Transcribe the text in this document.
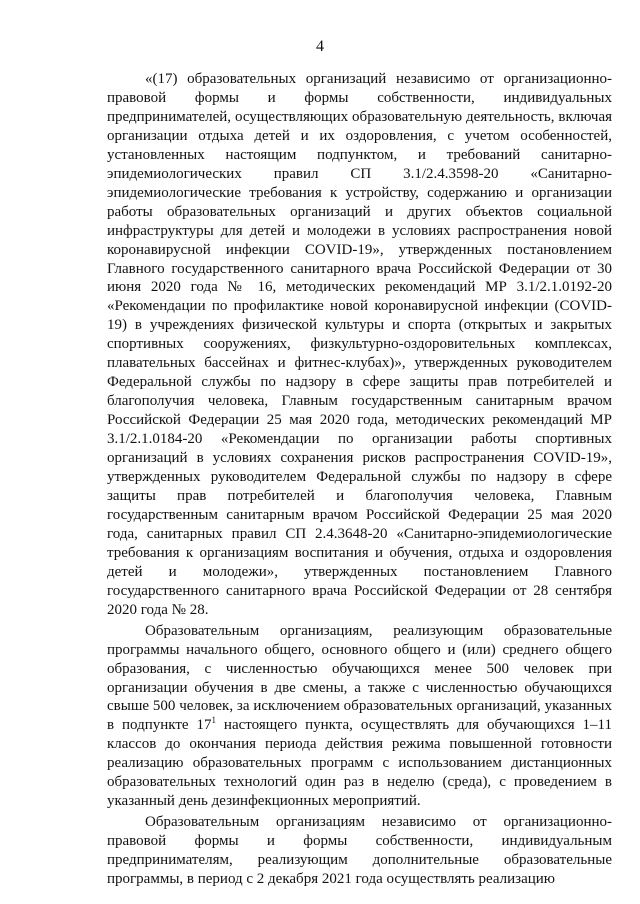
4

«(17) образовательных организаций независимо от организационно-правовой формы и формы собственности, индивидуальных предпринимателей, осуществляющих образовательную деятельность, включая организации отдыха детей и их оздоровления, с учетом особенностей, установленных настоящим подпунктом, и требований санитарно-эпидемиологических правил СП 3.1/2.4.3598-20 «Санитарно-эпидемиологические требования к устройству, содержанию и организации работы образовательных организаций и других объектов социальной инфраструктуры для детей и молодежи в условиях распространения новой коронавирусной инфекции COVID-19», утвержденных постановлением Главного государственного санитарного врача Российской Федерации от 30 июня 2020 года № 16, методических рекомендаций МР 3.1/2.1.0192-20 «Рекомендации по профилактике новой коронавирусной инфекции (COVID-19) в учреждениях физической культуры и спорта (открытых и закрытых спортивных сооружениях, физкультурно-оздоровительных комплексах, плавательных бассейнах и фитнес-клубах)», утвержденных руководителем Федеральной службы по надзору в сфере защиты прав потребителей и благополучия человека, Главным государственным санитарным врачом Российской Федерации 25 мая 2020 года, методических рекомендаций МР 3.1/2.1.0184-20 «Рекомендации по организации работы спортивных организаций в условиях сохранения рисков распространения COVID-19», утвержденных руководителем Федеральной службы по надзору в сфере защиты прав потребителей и благополучия человека, Главным государственным санитарным врачом Российской Федерации 25 мая 2020 года, санитарных правил СП 2.4.3648-20 «Санитарно-эпидемиологические требования к организациям воспитания и обучения, отдыха и оздоровления детей и молодежи», утвержденных постановлением Главного государственного санитарного врача Российской Федерации от 28 сентября 2020 года № 28.

Образовательным организациям, реализующим образовательные программы начального общего, основного общего и (или) среднего общего образования, с численностью обучающихся менее 500 человек при организации обучения в две смены, а также с численностью обучающихся свыше 500 человек, за исключением образовательных организаций, указанных в подпункте $17^1$ настоящего пункта, осуществлять для обучающихся 1–11 классов до окончания периода действия режима повышенной готовности реализацию образовательных программ с использованием дистанционных образовательных технологий один раз в неделю (среда), с проведением в указанный день дезинфекционных мероприятий.

Образовательным организациям независимо от организационно-правовой формы и формы собственности, индивидуальным предпринимателям, реализующим дополнительные образовательные программы, в период с 2 декабря 2021 года осуществлять реализацию
